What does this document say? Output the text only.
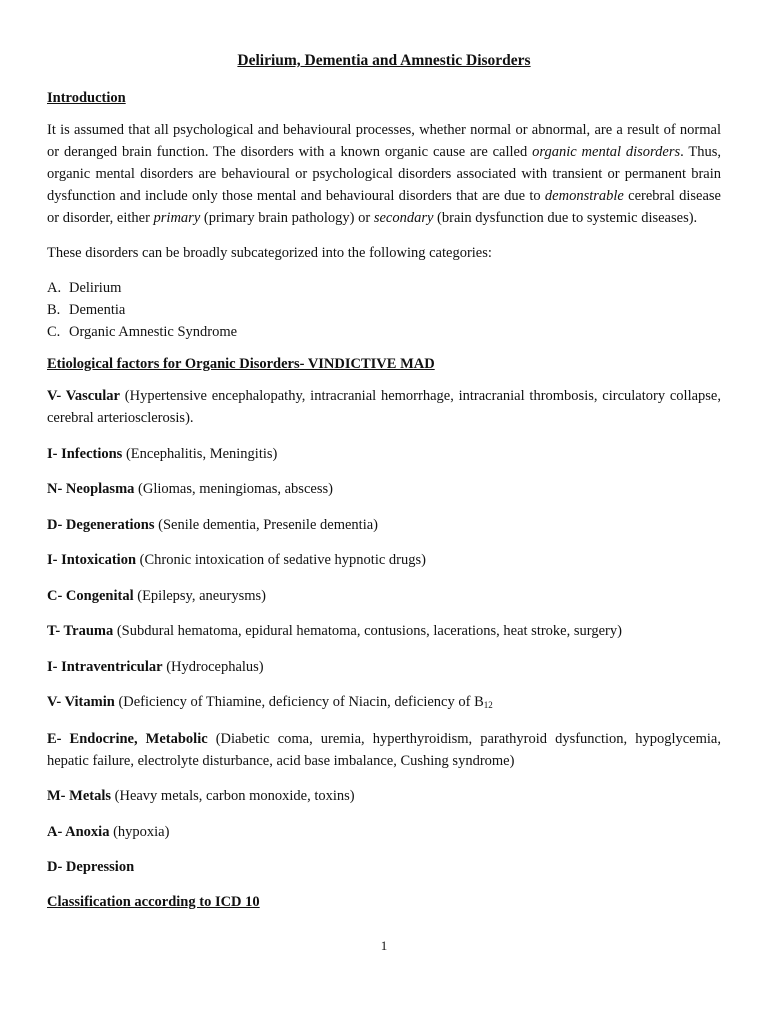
Delirium, Dementia and Amnestic Disorders
Introduction

It is assumed that all psychological and behavioural processes, whether normal or abnormal, are a result of normal or deranged brain function. The disorders with a known organic cause are called organic mental disorders. Thus, organic mental disorders are behavioural or psychological disorders associated with transient or permanent brain dysfunction and include only those mental and behavioural disorders that are due to demonstrable cerebral disease or disorder, either primary (primary brain pathology) or secondary (brain dysfunction due to systemic diseases).

These disorders can be broadly subcategorized into the following categories:

A. Delirium
B. Dementia
C. Organic Amnestic Syndrome
Etiological factors for Organic Disorders- VINDICTIVE MAD
V- Vascular (Hypertensive encephalopathy, intracranial hemorrhage, intracranial thrombosis, circulatory collapse, cerebral arteriosclerosis).
I- Infections (Encephalitis, Meningitis)
N- Neoplasma (Gliomas, meningiomas, abscess)
D- Degenerations (Senile dementia, Presenile dementia)
I- Intoxication (Chronic intoxication of sedative hypnotic drugs)
C- Congenital (Epilepsy, aneurysms)
T- Trauma (Subdural hematoma, epidural hematoma, contusions, lacerations, heat stroke, surgery)
I- Intraventricular (Hydrocephalus)
V- Vitamin (Deficiency of Thiamine, deficiency of Niacin, deficiency of $B_{12}$
E- Endocrine, Metabolic (Diabetic coma, uremia, hyperthyroidism, parathyroid dysfunction, hypoglycemia, hepatic failure, electrolyte disturbance, acid base imbalance, Cushing syndrome)
M- Metals (Heavy metals, carbon monoxide, toxins)
A- Anoxia (hypoxia)
D- Depression
Classification according to ICD 10
1
